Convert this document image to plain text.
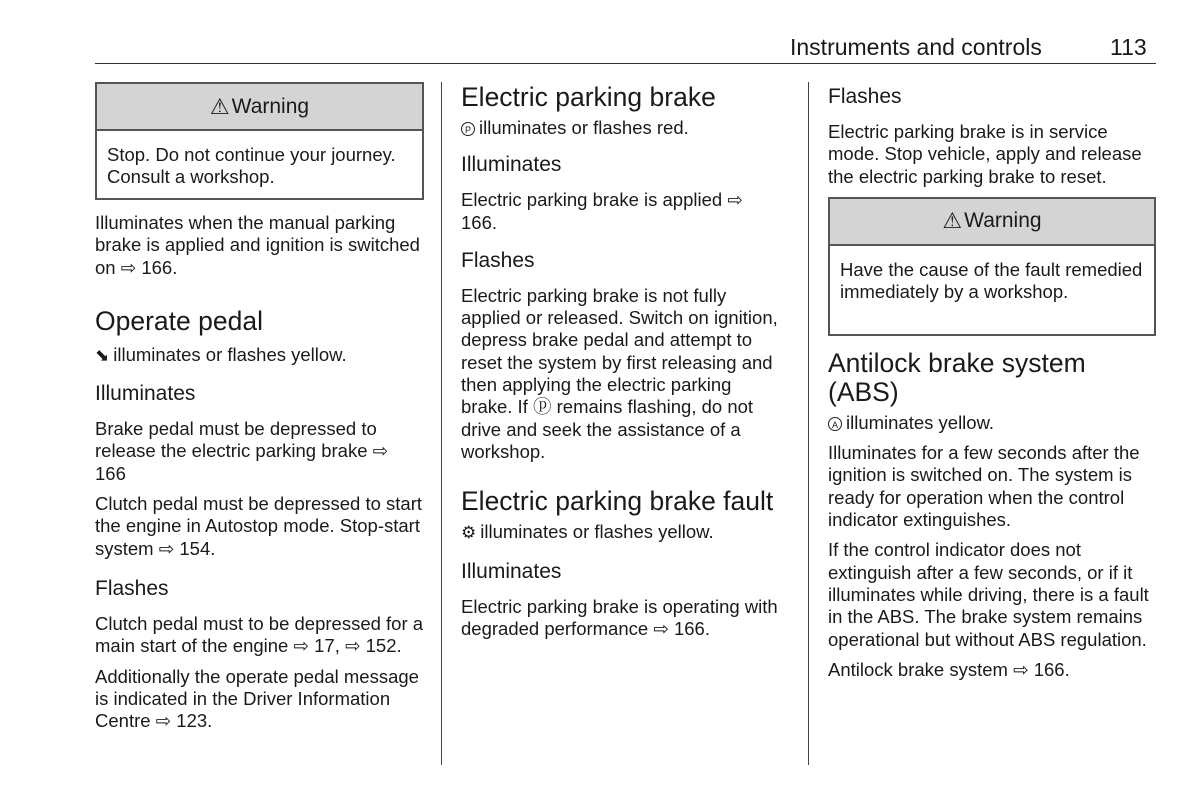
Instruments and controls	113
⚠ Warning

Stop. Do not continue your journey. Consult a workshop.

Illuminates when the manual parking brake is applied and ignition is switched on ⇨ 166.

Operate pedal

⬊ illuminates or flashes yellow.

Illuminates

Brake pedal must be depressed to release the electric parking brake ⇨ 166

Clutch pedal must be depressed to start the engine in Autostop mode. Stop-start system ⇨ 154.

Flashes

Clutch pedal must to be depressed for a main start of the engine ⇨ 17, ⇨ 152.

Additionally the operate pedal message is indicated in the Driver Information Centre ⇨ 123.

Electric parking brake

P illuminates or flashes red.

Illuminates

Electric parking brake is applied ⇨ 166.

Flashes

Electric parking brake is not fully applied or released. Switch on ignition, depress brake pedal and attempt to reset the system by first releasing and then applying the electric parking brake. If ⓟ remains flashing, do not drive and seek the assistance of a workshop.

Electric parking brake fault

⚙ illuminates or flashes yellow.

Illuminates

Electric parking brake is operating with degraded performance ⇨ 166.

Flashes

Electric parking brake is in service mode. Stop vehicle, apply and release the electric parking brake to reset.

⚠ Warning

Have the cause of the fault remedied immediately by a workshop.

Antilock brake system (ABS)

A illuminates yellow.

Illuminates for a few seconds after the ignition is switched on. The system is ready for operation when the control indicator extinguishes.

If the control indicator does not extinguish after a few seconds, or if it illuminates while driving, there is a fault in the ABS. The brake system remains operational but without ABS regulation.

Antilock brake system ⇨ 166.
